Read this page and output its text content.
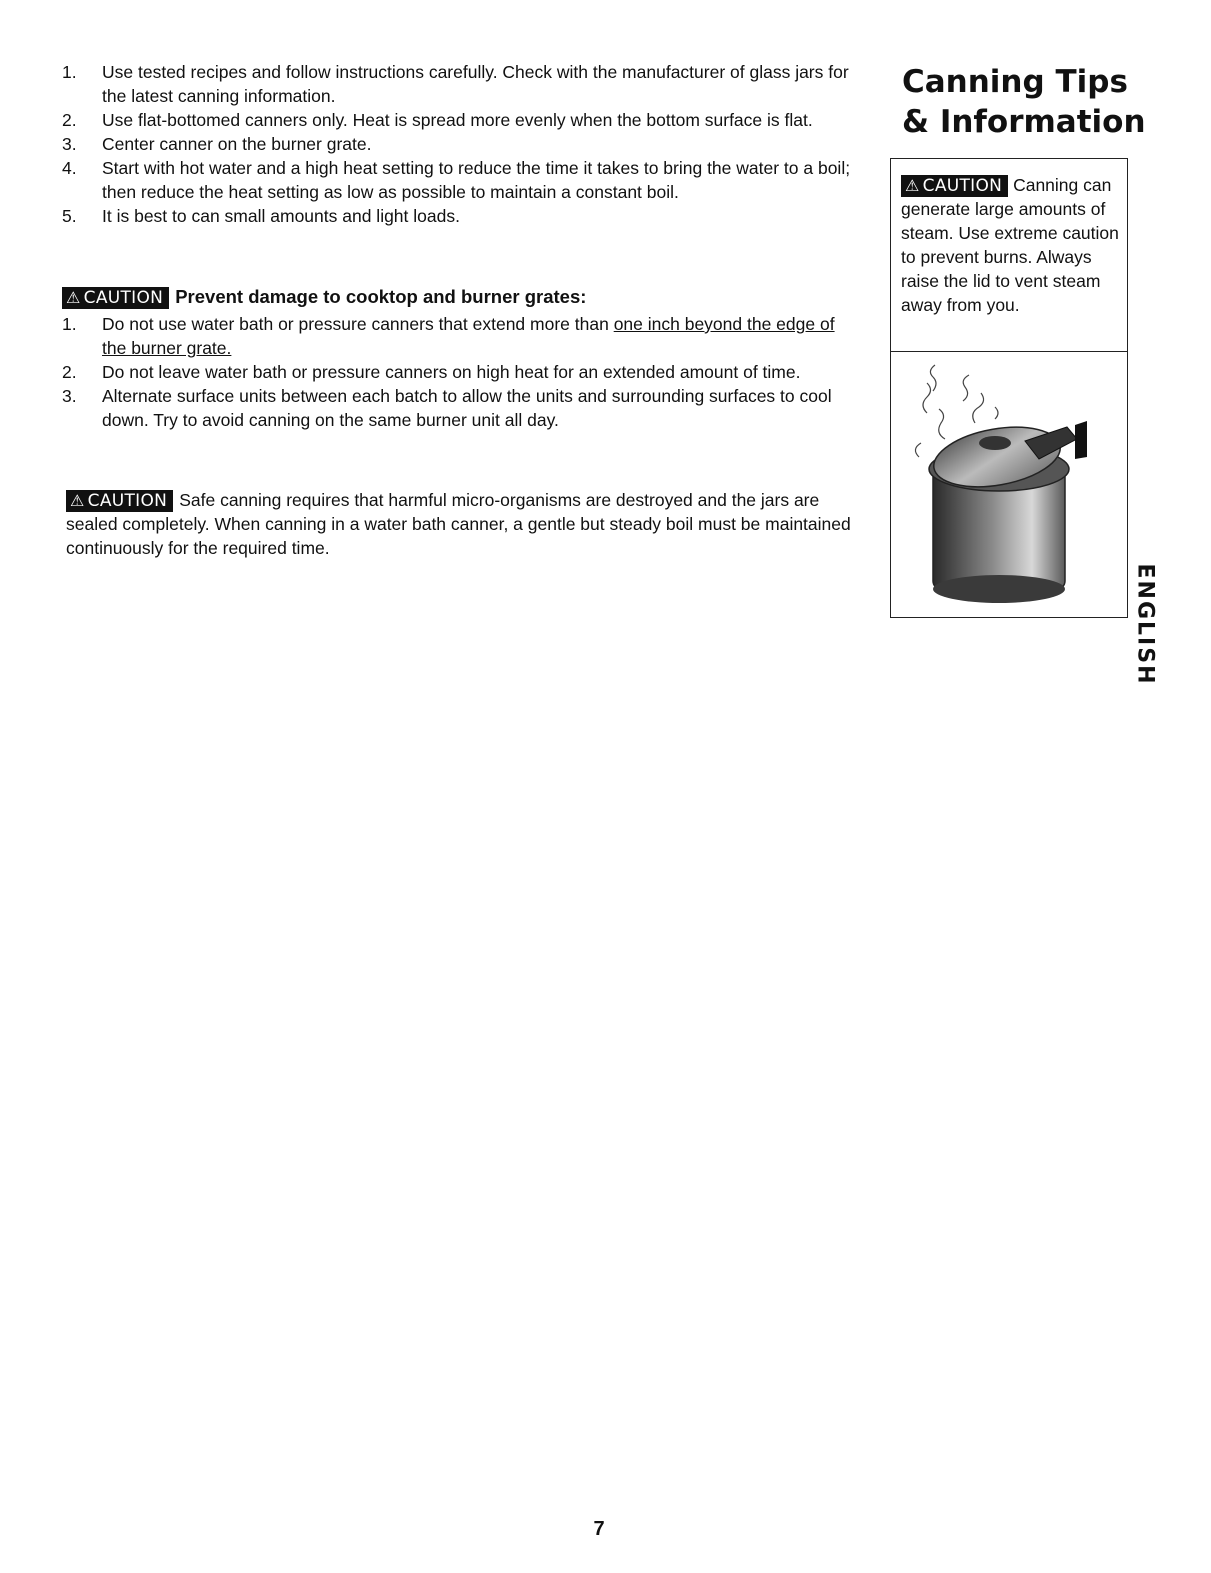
1. Use tested recipes and follow instructions carefully. Check with the manufacturer of glass jars for the latest canning information.
2. Use flat-bottomed canners only. Heat is spread more evenly when the bottom surface is flat.
3. Center canner on the burner grate.
4. Start with hot water and a high heat setting to reduce the time it takes to bring the water to a boil; then reduce the heat setting as low as possible to maintain a constant boil.
5. It is best to can small amounts and light loads.
⚠ CAUTION Prevent damage to cooktop and burner grates:
1. Do not use water bath or pressure canners that extend more than one inch beyond the edge of the burner grate.
2. Do not leave water bath or pressure canners on high heat for an extended amount of time.
3. Alternate surface units between each batch to allow the units and surrounding surfaces to cool down. Try to avoid canning on the same burner unit all day.
⚠ CAUTION Safe canning requires that harmful micro-organisms are destroyed and the jars are sealed completely. When canning in a water bath canner, a gentle but steady boil must be maintained continuously for the required time.
Canning Tips & Information
⚠ CAUTION Canning can generate large amounts of steam. Use extreme caution to prevent burns. Always raise the lid to vent steam away from you.
ENGLISH
7
